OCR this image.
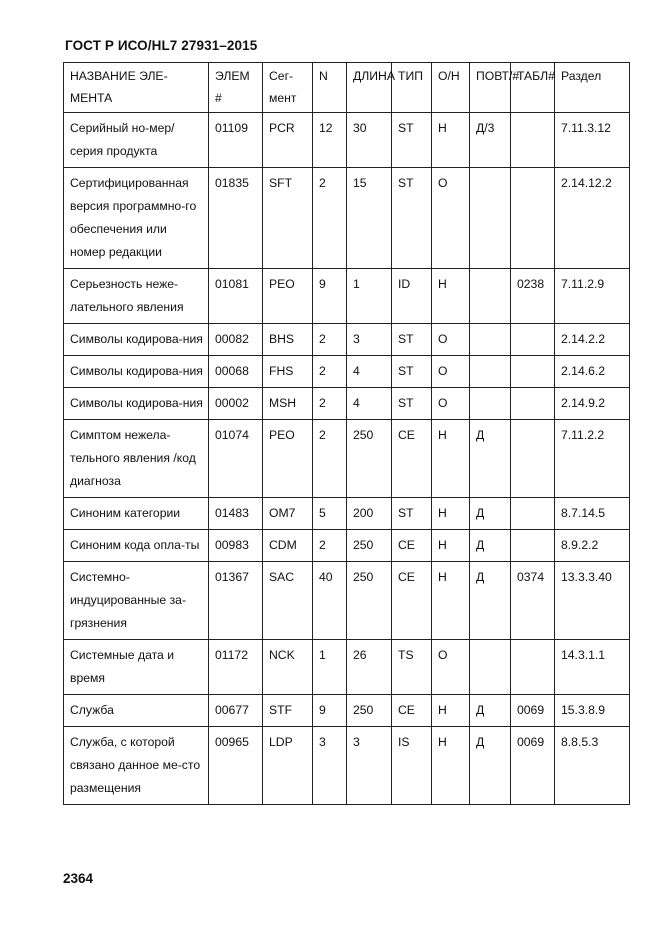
ГОСТ Р ИСО/HL7 27931–2015
НАЗВАНИЕ ЭЛЕ-МЕНТА	ЭЛЕМ #	Сег-мент	N	ДЛИНА	ТИП	О/Н	ПОВТ/#	ТАБЛ#	Раздел
Серийный но-мер/серия продукта	01109	PCR	12	30	ST	Н	Д/3		7.11.3.12
Сертифицированная версия программно-го обеспечения или номер редакции	01835	SFT	2	15	ST	О			2.14.12.2
Серьезность неже-лательного явления	01081	PEO	9	1	ID	Н		0238	7.11.2.9
Символы кодирова-ния	00082	BHS	2	3	ST	О			2.14.2.2
Символы кодирова-ния	00068	FHS	2	4	ST	О			2.14.6.2
Символы кодирова-ния	00002	MSH	2	4	ST	О			2.14.9.2
Симптом нежела-тельного явления /код диагноза	01074	PEO	2	250	CE	Н	Д		7.11.2.2
Синоним категории	01483	OM7	5	200	ST	Н	Д		8.7.14.5
Синоним кода опла-ты	00983	CDM	2	250	CE	Н	Д		8.9.2.2
Системно-индуцированные за-грязнения	01367	SAC	40	250	CE	Н	Д	0374	13.3.3.40
Системные дата и время	01172	NCK	1	26	TS	О			14.3.1.1
Служба	00677	STF	9	250	CE	Н	Д	0069	15.3.8.9
Служба, с которой связано данное ме-сто размещения	00965	LDP	3	3	IS	Н	Д	0069	8.8.5.3
2364
